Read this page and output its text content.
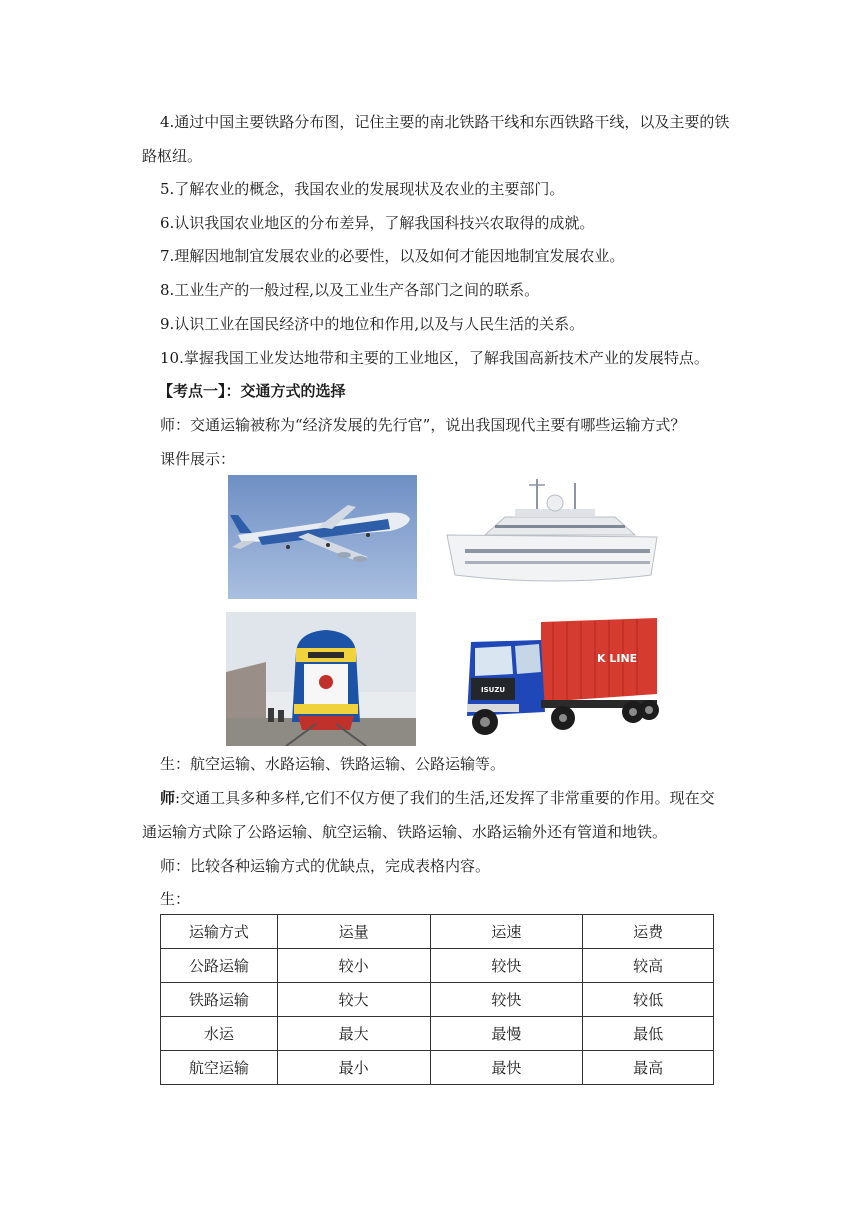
4.通过中国主要铁路分布图，记住主要的南北铁路干线和东西铁路干线，以及主要的铁
路枢纽。
5.了解农业的概念，我国农业的发展现状及农业的主要部门。
6.认识我国农业地区的分布差异，了解我国科技兴农取得的成就。
7.理解因地制宜发展农业的必要性，以及如何才能因地制宜发展农业。
8.工业生产的一般过程,以及工业生产各部门之间的联系。
9.认识工业在国民经济中的地位和作用,以及与人民生活的关系。
10.掌握我国工业发达地带和主要的工业地区，了解我国高新技术产业的发展特点。
【考点一】：交通方式的选择
师：交通运输被称为“经济发展的先行官”，说出我国现代主要有哪些运输方式？
课件展示：
K LINE
ISUZU
生：航空运输、水路运输、铁路运输、公路运输等。
师:交通工具多种多样,它们不仅方便了我们的生活,还发挥了非常重要的作用。现在交
通运输方式除了公路运输、航空运输、铁路运输、水路运输外还有管道和地铁。
师：比较各种运输方式的优缺点，完成表格内容。
生：
运输方式	运量	运速	运费
公路运输	较小	较快	较高
铁路运输	较大	较快	较低
水运	最大	最慢	最低
航空运输	最小	最快	最高
